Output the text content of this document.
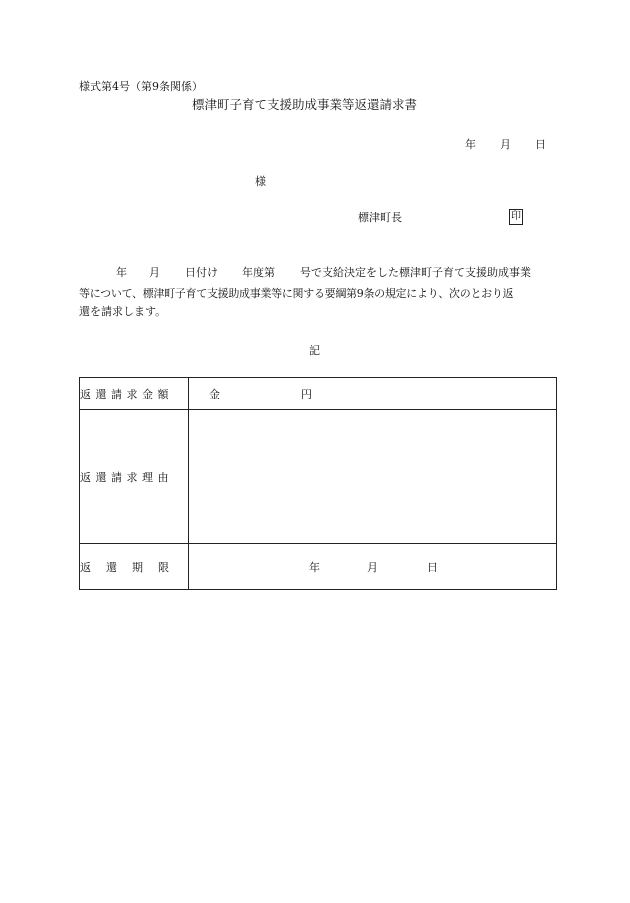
様式第4号（第9条関係）
標津町子育て支援助成事業等返還請求書
年 月 日
様
標津町長	印
年 月 日付け 年度第 号で支給決定をした標津町子育て支援助成事業
等について、標津町子育て支援助成事業等に関する要綱第9条の規定により、次のとおり返
還を請求します。
記
返還請求金額	金 円

返還請求理由	
返還期限	年 月 日
